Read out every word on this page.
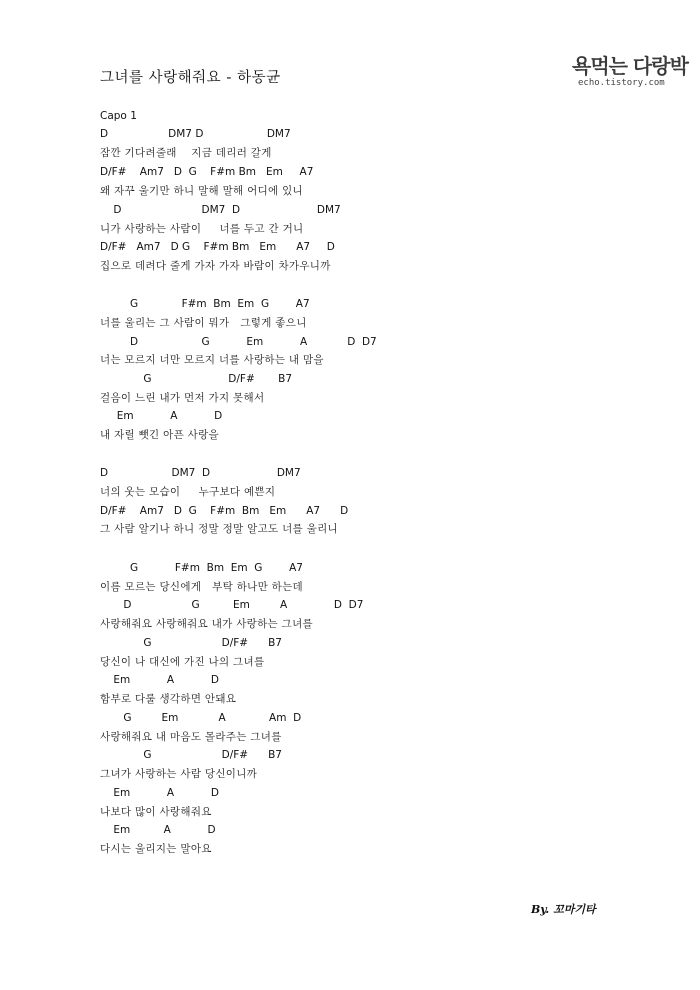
그녀를 사랑해줘요 - 하동균	욕먹는 다랑박
echo.tistory.com
Capo 1
D                  DM7 D                   DM7
잠깐 기다려줄래    지금 데리러 갈게
D/F#    Am7   D  G    F#m Bm   Em     A7
왜 자꾸 울기만 하니 말해 말해 어디에 있니
D                        DM7  D                       DM7
니가 사랑하는 사람이     너를 두고 간 거니
D/F#   Am7   D G    F#m Bm   Em      A7     D
집으로 데려다 줄게 가자 가자 바람이 차가우니까
G             F#m  Bm  Em  G        A7
너를 울리는 그 사람이 뭐가   그렇게 좋으니
D                   G           Em           A            D  D7
너는 모르지 너만 모르지 너를 사랑하는 내 맘을
G                       D/F#       B7
걸음이 느린 내가 먼저 가지 못해서
Em           A           D
내 자릴 뺏긴 아픈 사랑을
D                   DM7  D                    DM7
너의 웃는 모습이     누구보다 예쁜지
D/F#    Am7   D  G    F#m  Bm   Em      A7      D
그 사람 알기나 하니 정말 정말 알고도 너를 울리니
G           F#m  Bm  Em  G        A7
이름 모르는 당신에게   부탁 하나만 하는데
D                  G          Em         A              D  D7
사랑해줘요 사랑해줘요 내가 사랑하는 그녀를
G                     D/F#      B7
당신이 나 대신에 가진 나의 그녀를
Em           A           D
함부로 다룰 생각하면 안돼요
G         Em            A             Am  D
사랑해줘요 내 마음도 몰라주는 그녀를
G                     D/F#      B7
그녀가 사랑하는 사람 당신이니까
Em           A           D
나보다 많이 사랑해줘요
Em          A           D
다시는 울리지는 말아요
By. 꼬마기타
